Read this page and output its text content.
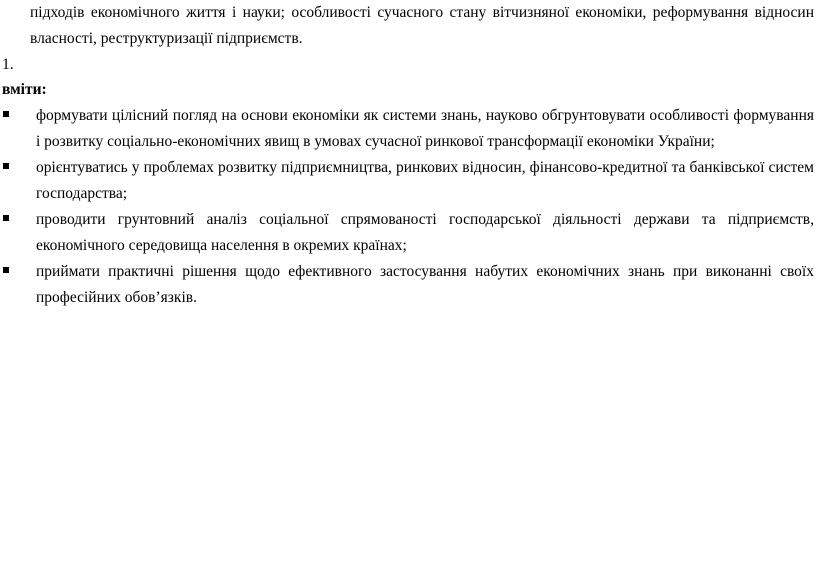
підходів економічного життя і науки; особливості сучасного стану вітчизняної економіки, реформування відносин
власності, реструктуризації підприємств.
1.
вміти:
формувати цілісний погляд на основи економіки як системи знань, науково обгрунтовувати особливості формування і розвитку соціально-економічних явищ в умовах сучасної ринкової трансформації економіки України;
орієнтуватись у проблемах розвитку підприємництва, ринкових відносин, фінансово-кредитної та банківської систем господарства;
проводити грунтовний аналіз соціальної спрямованості господарської діяльності держави та підприємств, економічного середовища населення в окремих країнах;
приймати практичні рішення щодо ефективного застосування набутих економічних знань при виконанні своїх професійних обов’язків.
